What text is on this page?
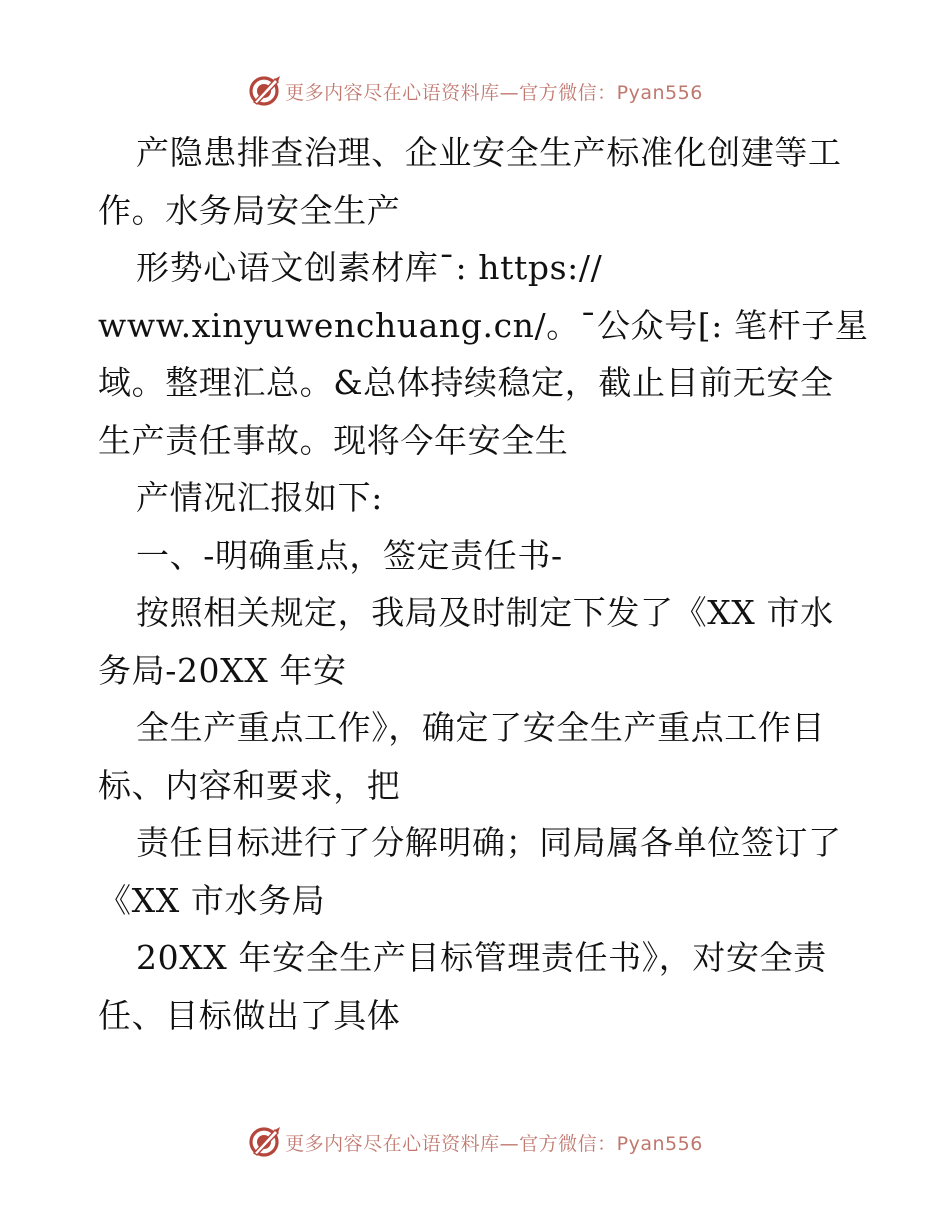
更多内容尽在心语资料库—官方微信：Pyan556
产隐患排查治理、企业安全生产标准化创建等工
作。水务局安全生产
形势心语文创素材库¯: https://
www.xinyuwenchuang.cn/。¯公众号[: 笔杆子星
域。整理汇总。&总体持续稳定，截止目前无安全
生产责任事故。现将今年安全生
产情况汇报如下:
一、-明确重点，签定责任书-
按照相关规定，我局及时制定下发了《XX 市水
务局-20XX 年安
全生产重点工作》，确定了安全生产重点工作目
标、内容和要求，把
责任目标进行了分解明确；同局属各单位签订了
《XX 市水务局
20XX 年安全生产目标管理责任书》，对安全责
任、目标做出了具体
更多内容尽在心语资料库—官方微信：Pyan556
